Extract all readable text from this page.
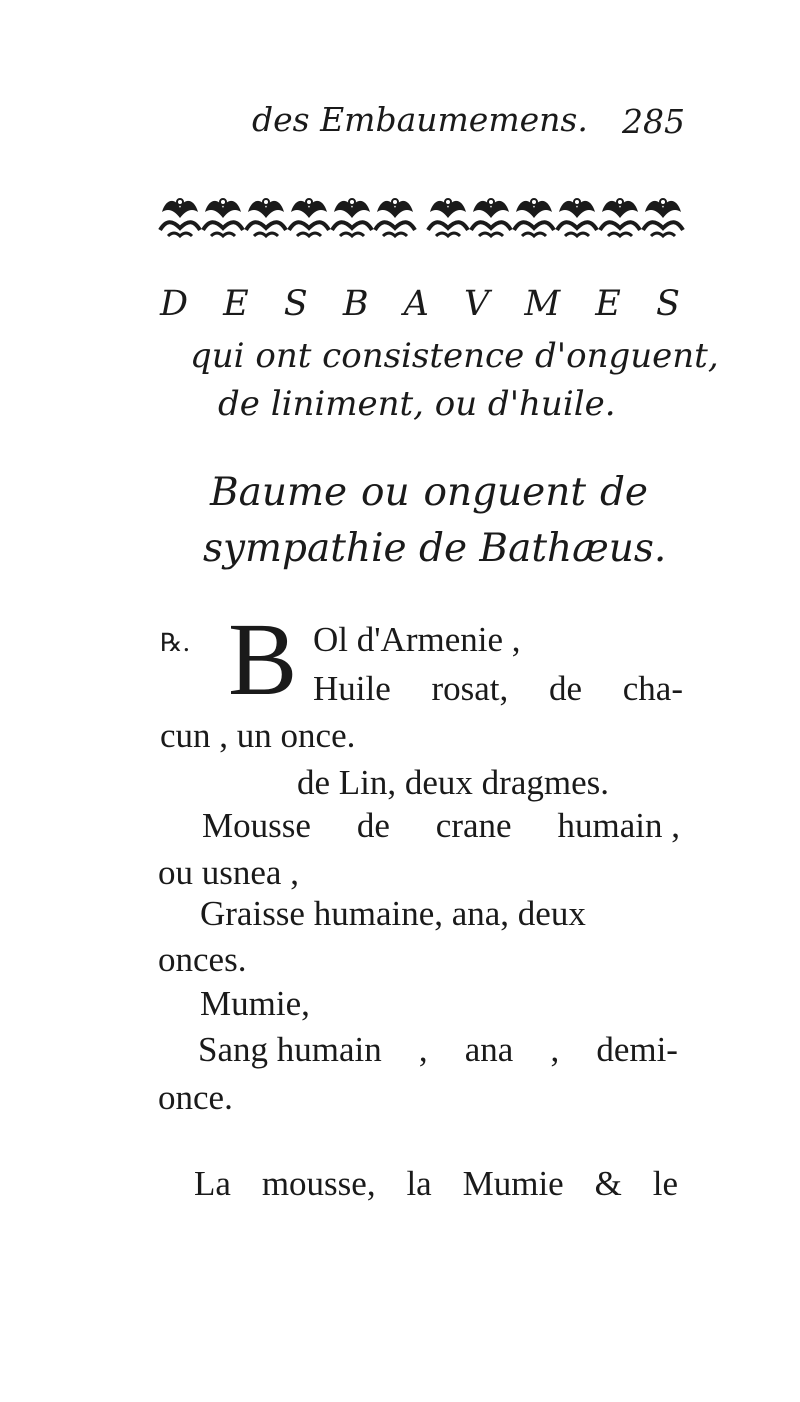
des Embaumemens. 285
D E S B A V M E S
qui ont consistence d'onguent,
de liniment, ou d'huile.
Baume ou onguent de
sympathie de Bathæus.
℞. B Ol d'Armenie ,
Huile rosat, de cha-
cun , un once.
de Lin, deux dragmes.
Mousse de crane humain ,
ou usnea ,
Graisse humaine, ana, deux
onces.
Mumie,
Sang humain , ana , demi-
once.
La mousse, la Mumie & le
